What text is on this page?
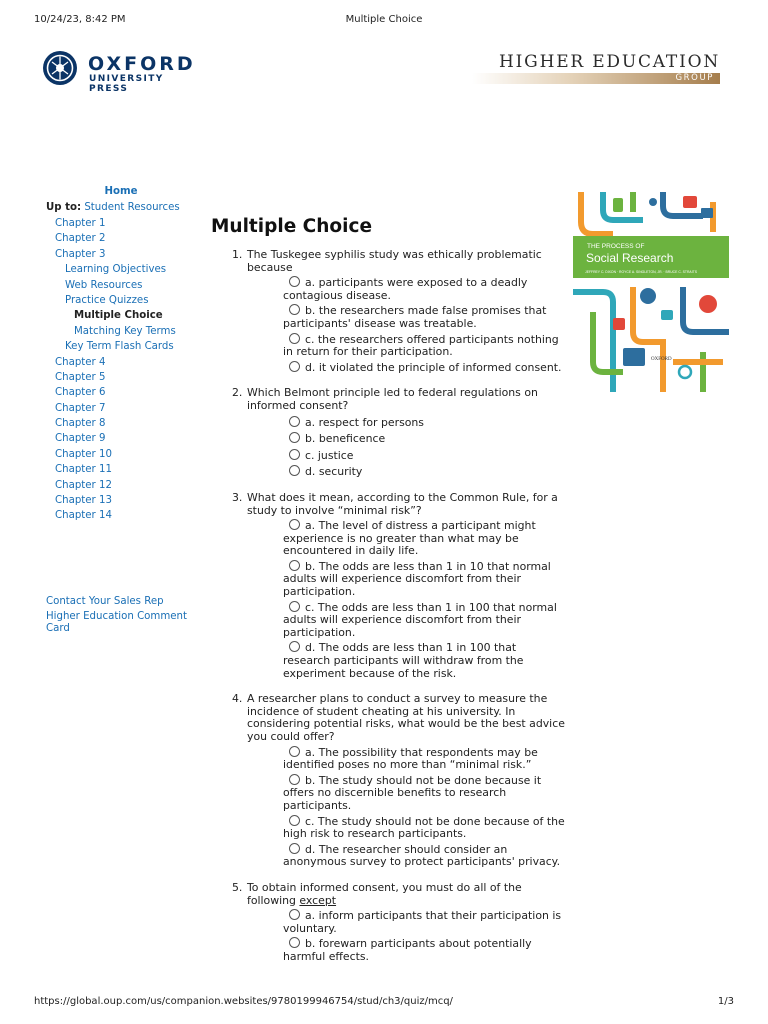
10/24/23, 8:42 PM	Multiple Choice
OXFORD
UNIVERSITY PRESS
HIGHER EDUCATION
GROUP
Home
Up to: Student Resources
Chapter 1
Chapter 2
Chapter 3
Learning Objectives
Web Resources
Practice Quizzes
Multiple Choice
Matching Key Terms
Key Term Flash Cards
Chapter 4
Chapter 5
Chapter 6
Chapter 7
Chapter 8
Chapter 9
Chapter 10
Chapter 11
Chapter 12
Chapter 13
Chapter 14
Contact Your Sales Rep
Higher Education Comment Card
Multiple Choice
1. The Tuskegee syphilis study was ethically problematic because
a. participants were exposed to a deadly contagious disease.
b. the researchers made false promises that participants' disease was treatable.
c. the researchers offered participants nothing in return for their participation.
d. it violated the principle of informed consent.
2. Which Belmont principle led to federal regulations on informed consent?
a. respect for persons
b. beneficence
c. justice
d. security
3. What does it mean, according to the Common Rule, for a study to involve “minimal risk”?
a. The level of distress a participant might experience is no greater than what may be encountered in daily life.
b. The odds are less than 1 in 10 that normal adults will experience discomfort from their participation.
c. The odds are less than 1 in 100 that normal adults will experience discomfort from their participation.
d. The odds are less than 1 in 100 that research participants will withdraw from the experiment because of the risk.
4. A researcher plans to conduct a survey to measure the incidence of student cheating at his university. In considering potential risks, what would be the best advice you could offer?
a. The possibility that respondents may be identified poses no more than “minimal risk.”
b. The study should not be done because it offers no discernible benefits to research participants.
c. The study should not be done because of the high risk to research participants.
d. The researcher should consider an anonymous survey to protect participants' privacy.
5. To obtain informed consent, you must do all of the following except
a. inform participants that their participation is voluntary.
b. forewarn participants about potentially harmful effects.
THE PROCESS OF
Social Research
JEFFREY C. DIXON · ROYCE A. SINGLETON, JR. · BRUCE C. STRAITS
OXFORD
https://global.oup.com/us/companion.websites/9780199946754/stud/ch3/quiz/mcq/	1/3
